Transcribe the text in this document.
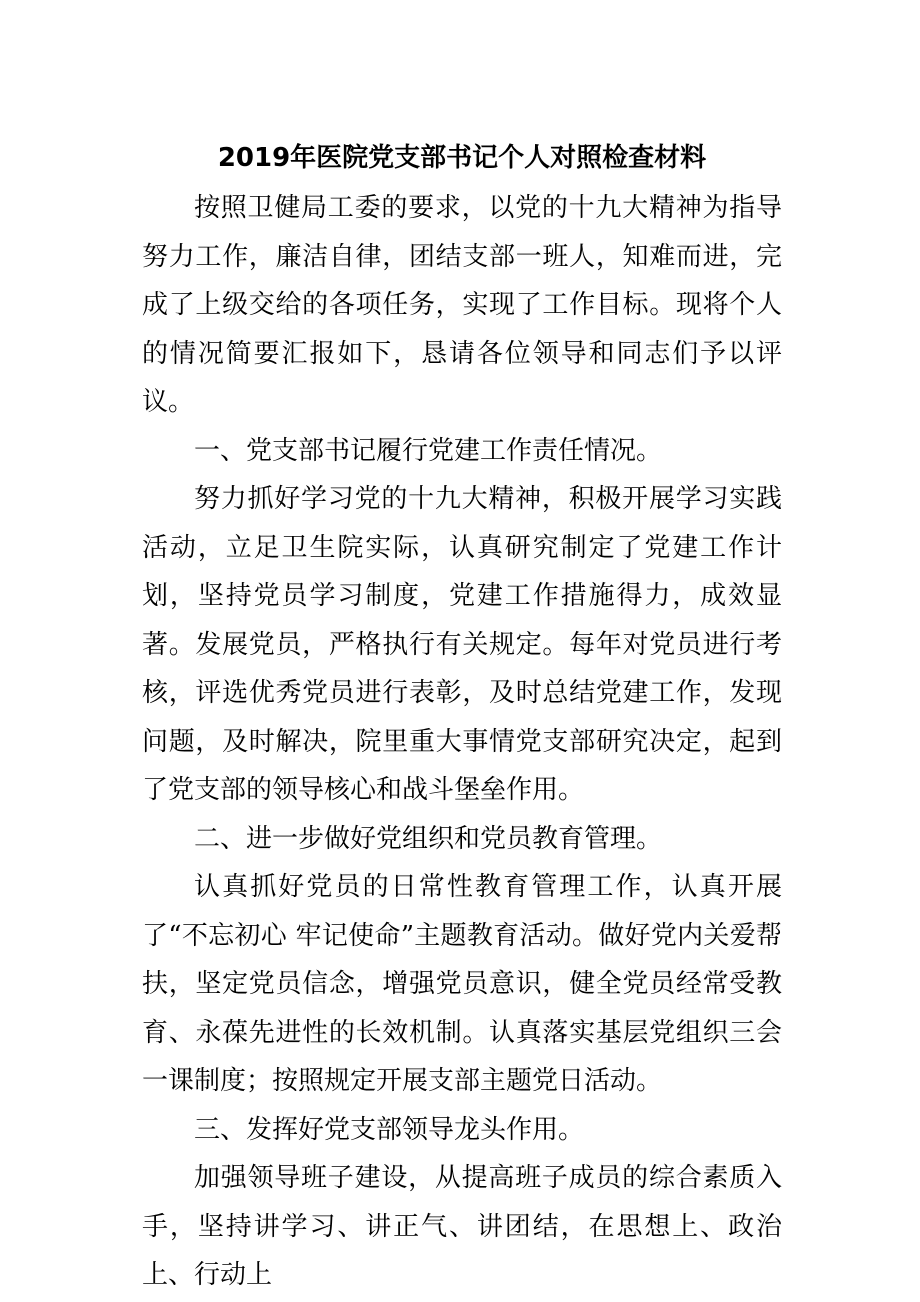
2019年医院党支部书记个人对照检查材料

按照卫健局工委的要求，以党的十九大精神为指导努力工作，廉洁自律，团结支部一班人，知难而进，完成了上级交给的各项任务，实现了工作目标。现将个人的情况简要汇报如下，恳请各位领导和同志们予以评议。

一、党支部书记履行党建工作责任情况。

努力抓好学习党的十九大精神，积极开展学习实践活动，立足卫生院实际，认真研究制定了党建工作计划，坚持党员学习制度，党建工作措施得力，成效显著。发展党员，严格执行有关规定。每年对党员进行考核，评选优秀党员进行表彰，及时总结党建工作，发现问题，及时解决，院里重大事情党支部研究决定，起到了党支部的领导核心和战斗堡垒作用。

二、进一步做好党组织和党员教育管理。

认真抓好党员的日常性教育管理工作，认真开展了“不忘初心 牢记使命”主题教育活动。做好党内关爱帮扶，坚定党员信念，增强党员意识，健全党员经常受教育、永葆先进性的长效机制。认真落实基层党组织三会一课制度；按照规定开展支部主题党日活动。

三、发挥好党支部领导龙头作用。

加强领导班子建设，从提高班子成员的综合素质入手，坚持讲学习、讲正气、讲团结，在思想上、政治上、行动上
